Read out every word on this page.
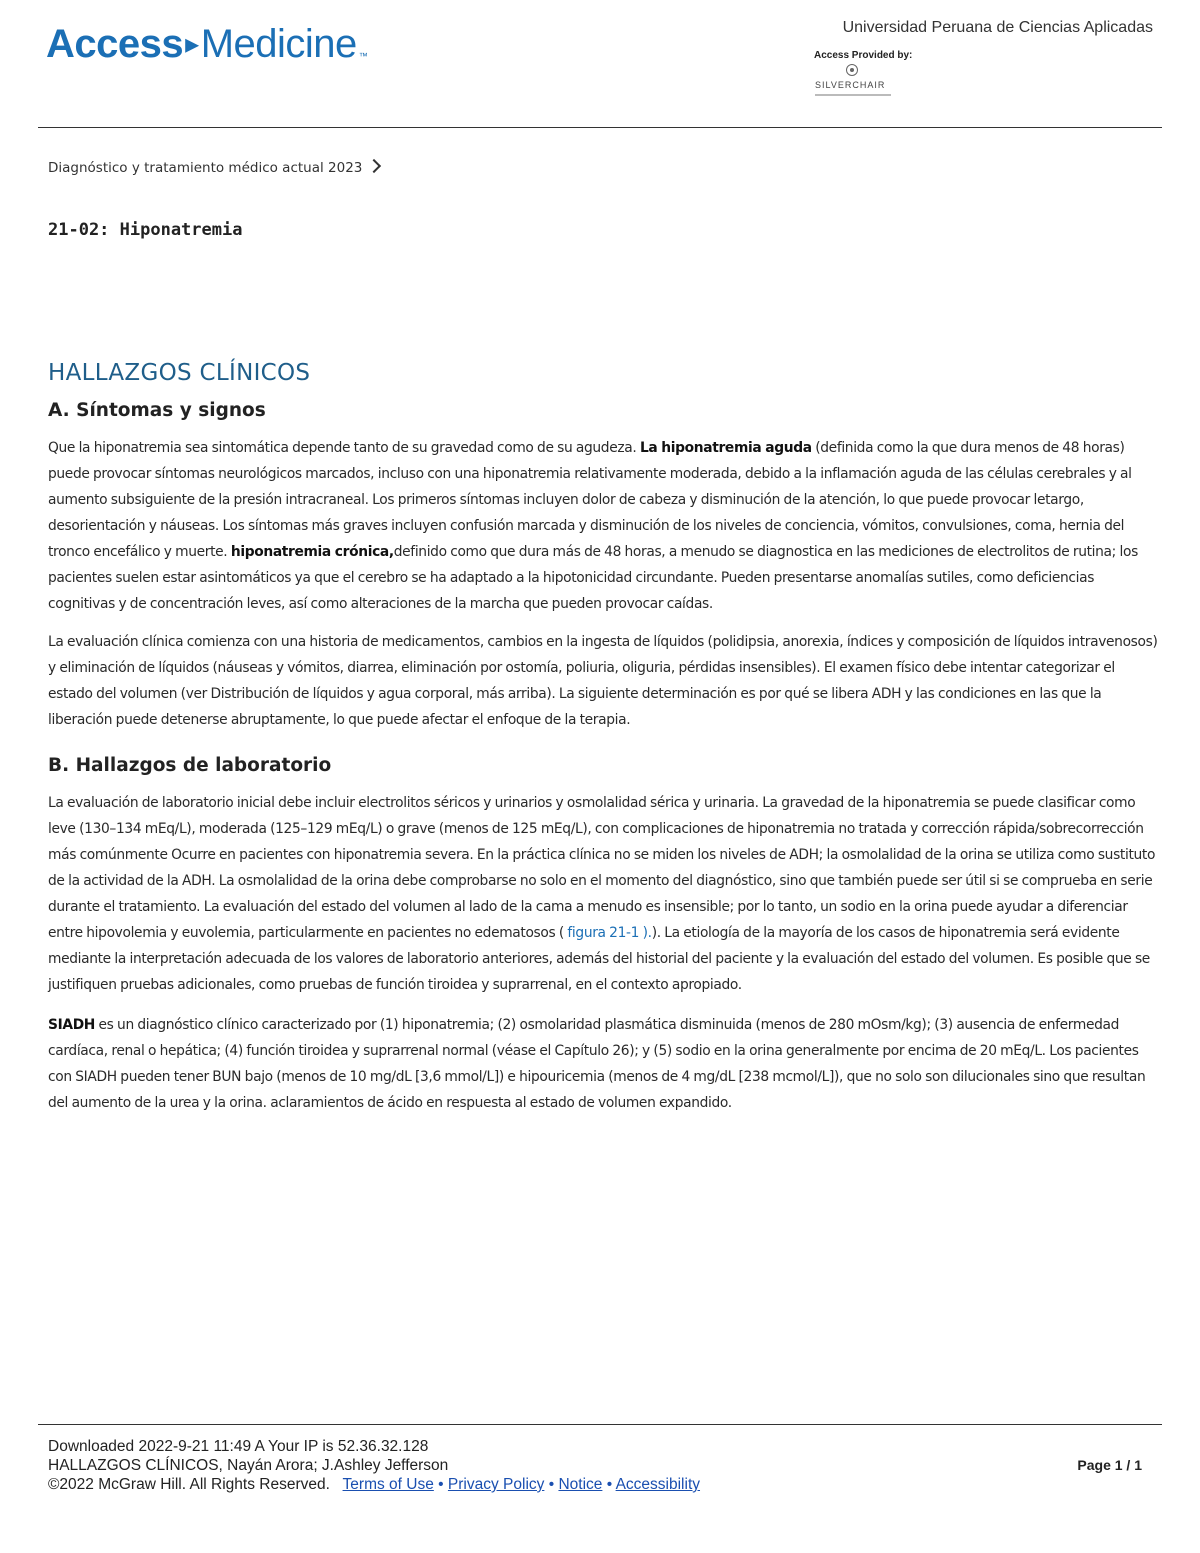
Access▸Medicine ™
Universidad Peruana de Ciencias Aplicadas
Access Provided by:
SILVERCHAIR
Diagnóstico y tratamiento médico actual 2023
21-02: Hiponatremia
HALLAZGOS CLÍNICOS
A. Síntomas y signos

Que la hiponatremia sea sintomática depende tanto de su gravedad como de su agudeza. La hiponatremia aguda (definida como la que dura menos de 48 horas) puede provocar síntomas neurológicos marcados, incluso con una hiponatremia relativamente moderada, debido a la inflamación aguda de las células cerebrales y al aumento subsiguiente de la presión intracraneal. Los primeros síntomas incluyen dolor de cabeza y disminución de la atención, lo que puede provocar letargo, desorientación y náuseas. Los síntomas más graves incluyen confusión marcada y disminución de los niveles de conciencia, vómitos, convulsiones, coma, hernia del tronco encefálico y muerte. hiponatremia crónica,definido como que dura más de 48 horas, a menudo se diagnostica en las mediciones de electrolitos de rutina; los pacientes suelen estar asintomáticos ya que el cerebro se ha adaptado a la hipotonicidad circundante. Pueden presentarse anomalías sutiles, como deficiencias cognitivas y de concentración leves, así como alteraciones de la marcha que pueden provocar caídas.

La evaluación clínica comienza con una historia de medicamentos, cambios en la ingesta de líquidos (polidipsia, anorexia, índices y composición de líquidos intravenosos) y eliminación de líquidos (náuseas y vómitos, diarrea, eliminación por ostomía, poliuria, oliguria, pérdidas insensibles). El examen físico debe intentar categorizar el estado del volumen (ver Distribución de líquidos y agua corporal, más arriba). La siguiente determinación es por qué se libera ADH y las condiciones en las que la liberación puede detenerse abruptamente, lo que puede afectar el enfoque de la terapia.

B. Hallazgos de laboratorio

La evaluación de laboratorio inicial debe incluir electrolitos séricos y urinarios y osmolalidad sérica y urinaria. La gravedad de la hiponatremia se puede clasificar como leve (130–134 mEq/L), moderada (125–129 mEq/L) o grave (menos de 125 mEq/L), con complicaciones de hiponatremia no tratada y corrección rápida/sobrecorrección más comúnmente Ocurre en pacientes con hiponatremia severa. En la práctica clínica no se miden los niveles de ADH; la osmolalidad de la orina se utiliza como sustituto de la actividad de la ADH. La osmolalidad de la orina debe comprobarse no solo en el momento del diagnóstico, sino que también puede ser útil si se comprueba en serie durante el tratamiento. La evaluación del estado del volumen al lado de la cama a menudo es insensible; por lo tanto, un sodio en la orina puede ayudar a diferenciar entre hipovolemia y euvolemia, particularmente en pacientes no edematosos ( figura 21-1 ).). La etiología de la mayoría de los casos de hiponatremia será evidente mediante la interpretación adecuada de los valores de laboratorio anteriores, además del historial del paciente y la evaluación del estado del volumen. Es posible que se justifiquen pruebas adicionales, como pruebas de función tiroidea y suprarrenal, en el contexto apropiado.

SIADH es un diagnóstico clínico caracterizado por (1) hiponatremia; (2) osmolaridad plasmática disminuida (menos de 280 mOsm/kg); (3) ausencia de enfermedad cardíaca, renal o hepática; (4) función tiroidea y suprarrenal normal (véase el Capítulo 26); y (5) sodio en la orina generalmente por encima de 20 mEq/L. Los pacientes con SIADH pueden tener BUN bajo (menos de 10 mg/dL [3,6 mmol/L]) e hipouricemia (menos de 4 mg/dL [238 mcmol/L]), que no solo son dilucionales sino que resultan del aumento de la urea y la orina. aclaramientos de ácido en respuesta al estado de volumen expandido.

Downloaded 2022-9-21 11:49 A Your IP is 52.36.32.128
HALLAZGOS CLÍNICOS, Nayán Arora; J.Ashley Jefferson
©2022 McGraw Hill. All Rights Reserved. Terms of Use • Privacy Policy • Notice • Accessibility
Page 1 / 1
